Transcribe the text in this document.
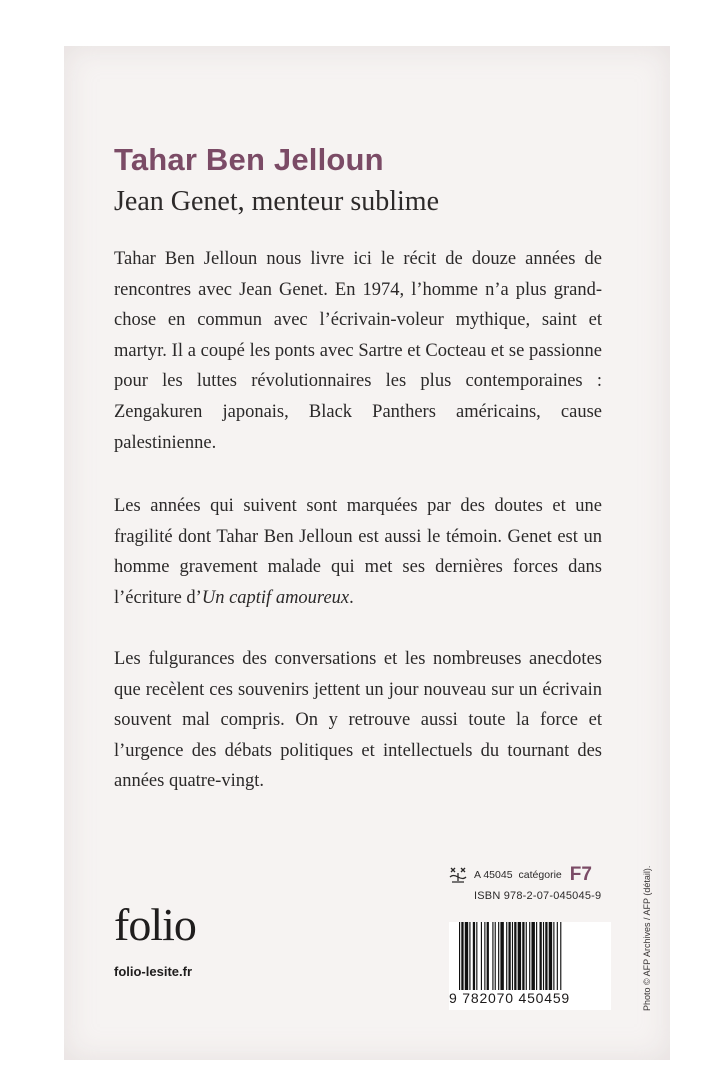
Tahar Ben Jelloun
Jean Genet, menteur sublime

Tahar Ben Jelloun nous livre ici le récit de douze années de rencontres avec Jean Genet. En 1974, l’homme n’a plus grand-chose en commun avec l’écrivain-voleur mythique, saint et martyr. Il a coupé les ponts avec Sartre et Cocteau et se passionne pour les luttes révolutionnaires les plus contemporaines : Zengakuren japonais, Black Panthers américains, cause palestinienne.

Les années qui suivent sont marquées par des doutes et une fragilité dont Tahar Ben Jelloun est aussi le témoin. Genet est un homme gravement malade qui met ses dernières forces dans l’écriture d’Un captif amoureux.

Les fulgurances des conversations et les nombreuses anecdotes que recèlent ces souvenirs jettent un jour nouveau sur un écrivain souvent mal compris. On y retrouve aussi toute la force et l’urgence des débats politiques et intellectuels du tournant des années quatre-vingt.

A 45045 catégorie F7
ISBN 978-2-07-045045-9
9 782070 450459
folio
folio-lesite.fr	Photo © AFP Archives / AFP (détail).
